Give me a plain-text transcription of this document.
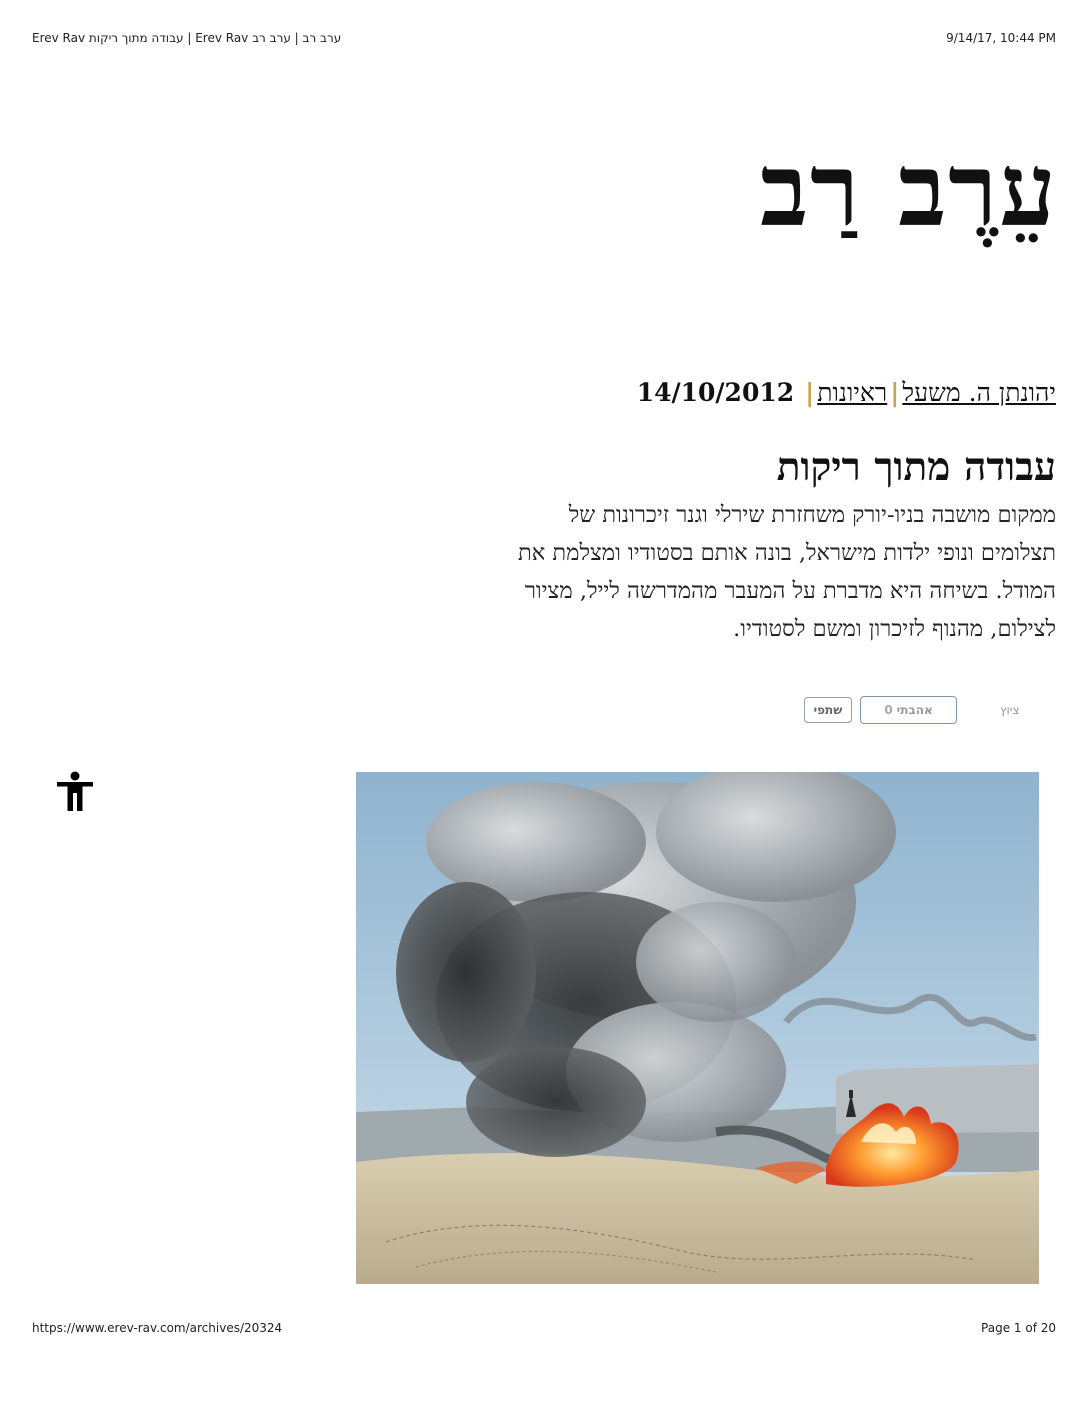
Erev Rav עבודה מתוך ריקות | Erev Rav ערב רב | ערב רב	9/14/17, 10:44 PM
עֵרֶב רַב
יהונתן ה. משעל|ראיונות| 14/10/2012
עבודה מתוך ריקות

ממקום מושבה בניו-יורק משחזרת שירלי וגנר זיכרונות של
תצלומים ונופי ילדות מישראל, בונה אותם בסטודיו ומצלמת את
המודל. בשיחה היא מדברת על המעבר מהמדרשה לייל, מציור
לצילום, מהנוף לזיכרון ומשם לסטודיו.

שתפי	אהבתי
0	ציוץ
https://www.erev-rav.com/archives/20324	Page 1 of 20
